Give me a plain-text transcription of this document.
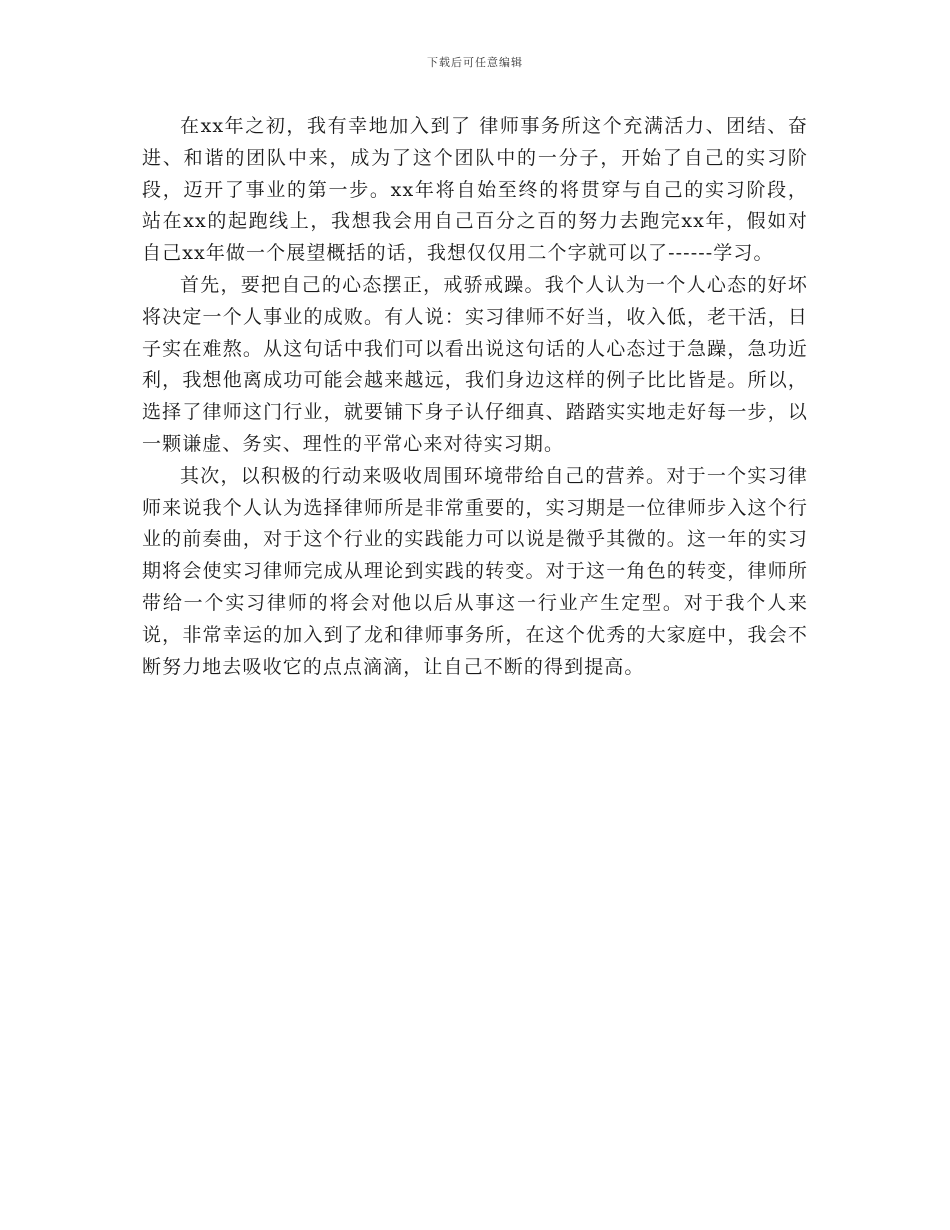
下载后可任意编辑

在xx年之初，我有幸地加入到了 律师事务所这个充满活力、团结、奋进、和谐的团队中来，成为了这个团队中的一分子，开始了自己的实习阶段，迈开了事业的第一步。xx年将自始至终的将贯穿与自己的实习阶段，站在xx的起跑线上，我想我会用自己百分之百的努力去跑完xx年，假如对自己xx年做一个展望概括的话，我想仅仅用二个字就可以了------学习。

首先，要把自己的心态摆正，戒骄戒躁。我个人认为一个人心态的好坏将决定一个人事业的成败。有人说：实习律师不好当，收入低，老干活，日子实在难熬。从这句话中我们可以看出说这句话的人心态过于急躁，急功近利，我想他离成功可能会越来越远，我们身边这样的例子比比皆是。所以，选择了律师这门行业，就要铺下身子认仔细真、踏踏实实地走好每一步，以一颗谦虚、务实、理性的平常心来对待实习期。

其次，以积极的行动来吸收周围环境带给自己的营养。对于一个实习律师来说我个人认为选择律师所是非常重要的，实习期是一位律师步入这个行业的前奏曲，对于这个行业的实践能力可以说是微乎其微的。这一年的实习期将会使实习律师完成从理论到实践的转变。对于这一角色的转变，律师所带给一个实习律师的将会对他以后从事这一行业产生定型。对于我个人来说，非常幸运的加入到了龙和律师事务所，在这个优秀的大家庭中，我会不断努力地去吸收它的点点滴滴，让自己不断的得到提高。
